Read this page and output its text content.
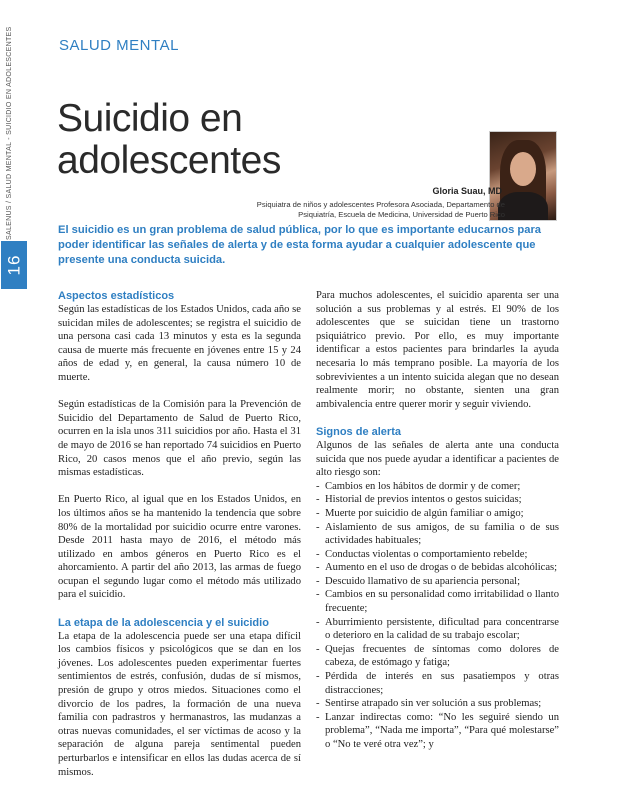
SALENUS / SALUD MENTAL - SUICIDIO EN ADOLESCENTES
16
SALUD MENTAL
Suicidio en
adolescentes
Gloria Suau, MD
Psiquiatra de niños y adolescentes Profesora Asociada, Departamento de
Psiquiatría, Escuela de Medicina, Universidad de Puerto Rico

El suicidio es un gran problema de salud pública, por lo que es importante educarnos para poder identificar las señales de alerta y de esta forma ayudar a cualquier adolescente que presente una conducta suicida.

Aspectos estadísticos

Según las estadísticas de los Estados Unidos, cada año se suicidan miles de adolescentes; se registra el suicidio de una persona casi cada 13 minutos y esta es la segunda causa de muerte más frecuente en jóvenes entre 15 y 24 años de edad y, en general, la causa número 10 de muerte.

Según estadísticas de la Comisión para la Prevención de Suicidio del Departamento de Salud de Puerto Rico, ocurren en la isla unos 311 suicidios por año. Hasta el 31 de mayo de 2016 se han reportado 74 suicidios en Puerto Rico, 20 casos menos que el año previo, según las mismas estadísticas.

En Puerto Rico, al igual que en los Estados Unidos, en los últimos años se ha mantenido la tendencia que sobre 80% de la mortalidad por suicidio ocurre entre varones. Desde 2011 hasta mayo de 2016, el método más utilizado en ambos géneros en Puerto Rico es el ahorcamiento. A partir del año 2013, las armas de fuego ocupan el segundo lugar como el método más utilizado para el suicidio.

La etapa de la adolescencia y el suicidio

La etapa de la adolescencia puede ser una etapa difícil los cambios físicos y psicológicos que se dan en los jóvenes. Los adolescentes pueden experimentar fuertes sentimientos de estrés, confusión, dudas de sí mismos, presión de grupo y otros miedos. Situaciones como el divorcio de los padres, la formación de una nueva familia con padrastros y hermanastros, las mudanzas a otras nuevas comunidades, el ser víctimas de acoso y la separación de alguna pareja sentimental pueden perturbarlos e intensificar en ellos las dudas acerca de sí mismos.

Para muchos adolescentes, el suicidio aparenta ser una solución a sus problemas y al estrés. El 90% de los adolescentes que se suicidan tiene un trastorno psiquiátrico previo. Por ello, es muy importante identificar a estos pacientes para brindarles la ayuda necesaria lo más temprano posible. La mayoría de los sobrevivientes a un intento suicida alegan que no desean realmente morir; no obstante, sienten una gran ambivalencia entre querer morir y seguir viviendo.

Signos de alerta

Algunos de las señales de alerta ante una conducta suicida que nos puede ayudar a identificar a pacientes de alto riesgo son:

- Cambios en los hábitos de dormir y de comer;
- Historial de previos intentos o gestos suicidas;
- Muerte por suicidio de algún familiar o amigo;
- Aislamiento de sus amigos, de su familia o de sus actividades habituales;
- Conductas violentas o comportamiento rebelde;
- Aumento en el uso de drogas o de bebidas alcohólicas;
- Descuido llamativo de su apariencia personal;
- Cambios en su personalidad como irritabilidad o llanto frecuente;
- Aburrimiento persistente, dificultad para concentrarse o deterioro en la calidad de su trabajo escolar;
- Quejas frecuentes de síntomas como dolores de cabeza, de estómago y fatiga;
- Pérdida de interés en sus pasatiempos y otras distracciones;
- Sentirse atrapado sin ver solución a sus problemas;
- Lanzar indirectas como: “No les seguiré siendo un problema”, “Nada me importa”, “Para qué molestarse” o “No te veré otra vez”; y
